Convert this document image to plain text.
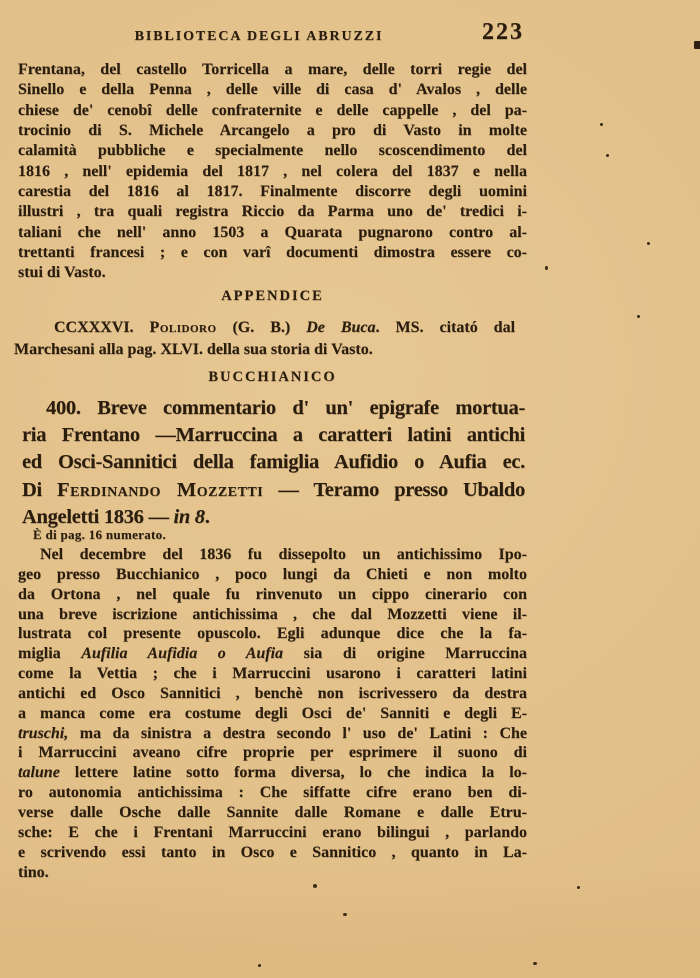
BIBLIOTECA DEGLI ABRUZZI	223
Frentana, del castello Torricella a mare, delle torri regie del
Sinello e della Penna , delle ville di casa d' Avalos , delle
chiese de' cenobî delle confraternite e delle cappelle , del pa-
trocinio di S. Michele Arcangelo a pro di Vasto in molte
calamità pubbliche e specialmente nello scoscendimento del
1816 , nell' epidemia del 1817 , nel colera del 1837 e nella
carestia del 1816 al 1817. Finalmente discorre degli uomini
illustri , tra quali registra Riccio da Parma uno de' tredici i-
taliani che nell' anno 1503 a Quarata pugnarono contro al-
trettanti francesi ; e con varî documenti dimostra essere co-
stui di Vasto.
APPENDICE
CCXXXVI. Polidoro (G. B.) De Buca. MS. citató dal
Marchesani alla pag. XLVI. della sua storia di Vasto.
BUCCHIANICO
400. Breve commentario d' un' epigrafe mortua-
ria Frentano —Marruccina a caratteri latini antichi
ed Osci-Sannitici della famiglia Aufidio o Aufia ec.
Di Ferdinando Mozzetti — Teramo presso Ubaldo
Angeletti 1836 — in 8.
È di pag. 16 numerato.
Nel decembre del 1836 fu dissepolto un antichissimo Ipo-
geo presso Bucchianico , poco lungi da Chieti e non molto
da Ortona , nel quale fu rinvenuto un cippo cinerario con
una breve iscrizione antichissima , che dal Mozzetti viene il-
lustrata col presente opuscolo. Egli adunque dice che la fa-
miglia Aufilia Aufidia o Aufia sia di origine Marruccina
come la Vettia ; che i Marruccini usarono i caratteri latini
antichi ed Osco Sannitici , benchè non iscrivessero da destra
a manca come era costume degli Osci de' Sanniti e degli E-
truschi, ma da sinistra a destra secondo l' uso de' Latini : Che
i Marruccini aveano cifre proprie per esprimere il suono di
talune lettere latine sotto forma diversa, lo che indica la lo-
ro autonomia antichissima : Che siffatte cifre erano ben di-
verse dalle Osche dalle Sannite dalle Romane e dalle Etru-
sche: E che i Frentani Marruccini erano bilingui , parlando
e scrivendo essi tanto in Osco e Sannitico , quanto in La-
tino.
